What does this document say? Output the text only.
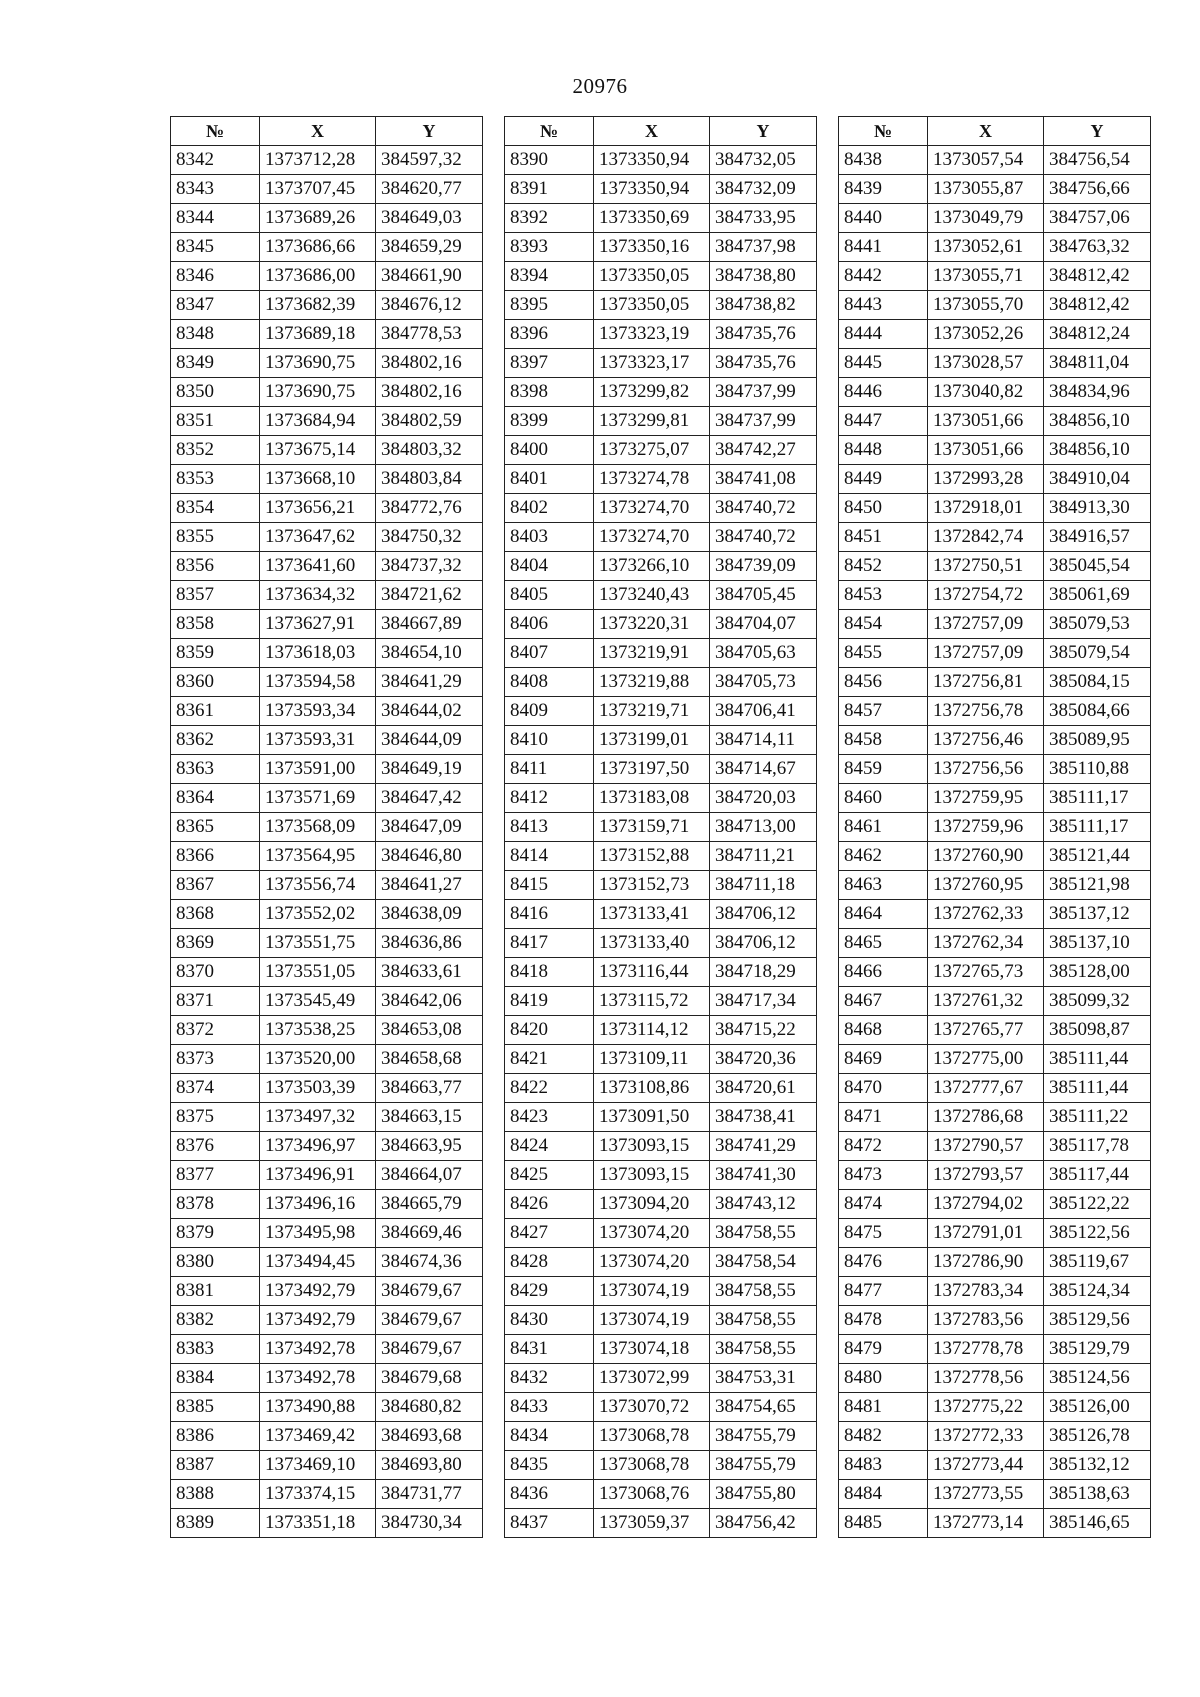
20976
№	X	Y
8342	1373712,28	384597,32
8343	1373707,45	384620,77
8344	1373689,26	384649,03
8345	1373686,66	384659,29
8346	1373686,00	384661,90
8347	1373682,39	384676,12
8348	1373689,18	384778,53
8349	1373690,75	384802,16
8350	1373690,75	384802,16
8351	1373684,94	384802,59
8352	1373675,14	384803,32
8353	1373668,10	384803,84
8354	1373656,21	384772,76
8355	1373647,62	384750,32
8356	1373641,60	384737,32
8357	1373634,32	384721,62
8358	1373627,91	384667,89
8359	1373618,03	384654,10
8360	1373594,58	384641,29
8361	1373593,34	384644,02
8362	1373593,31	384644,09
8363	1373591,00	384649,19
8364	1373571,69	384647,42
8365	1373568,09	384647,09
8366	1373564,95	384646,80
8367	1373556,74	384641,27
8368	1373552,02	384638,09
8369	1373551,75	384636,86
8370	1373551,05	384633,61
8371	1373545,49	384642,06
8372	1373538,25	384653,08
8373	1373520,00	384658,68
8374	1373503,39	384663,77
8375	1373497,32	384663,15
8376	1373496,97	384663,95
8377	1373496,91	384664,07
8378	1373496,16	384665,79
8379	1373495,98	384669,46
8380	1373494,45	384674,36
8381	1373492,79	384679,67
8382	1373492,79	384679,67
8383	1373492,78	384679,67
8384	1373492,78	384679,68
8385	1373490,88	384680,82
8386	1373469,42	384693,68
8387	1373469,10	384693,80
8388	1373374,15	384731,77
8389	1373351,18	384730,34
№	X	Y
8390	1373350,94	384732,05
8391	1373350,94	384732,09
8392	1373350,69	384733,95
8393	1373350,16	384737,98
8394	1373350,05	384738,80
8395	1373350,05	384738,82
8396	1373323,19	384735,76
8397	1373323,17	384735,76
8398	1373299,82	384737,99
8399	1373299,81	384737,99
8400	1373275,07	384742,27
8401	1373274,78	384741,08
8402	1373274,70	384740,72
8403	1373274,70	384740,72
8404	1373266,10	384739,09
8405	1373240,43	384705,45
8406	1373220,31	384704,07
8407	1373219,91	384705,63
8408	1373219,88	384705,73
8409	1373219,71	384706,41
8410	1373199,01	384714,11
8411	1373197,50	384714,67
8412	1373183,08	384720,03
8413	1373159,71	384713,00
8414	1373152,88	384711,21
8415	1373152,73	384711,18
8416	1373133,41	384706,12
8417	1373133,40	384706,12
8418	1373116,44	384718,29
8419	1373115,72	384717,34
8420	1373114,12	384715,22
8421	1373109,11	384720,36
8422	1373108,86	384720,61
8423	1373091,50	384738,41
8424	1373093,15	384741,29
8425	1373093,15	384741,30
8426	1373094,20	384743,12
8427	1373074,20	384758,55
8428	1373074,20	384758,54
8429	1373074,19	384758,55
8430	1373074,19	384758,55
8431	1373074,18	384758,55
8432	1373072,99	384753,31
8433	1373070,72	384754,65
8434	1373068,78	384755,79
8435	1373068,78	384755,79
8436	1373068,76	384755,80
8437	1373059,37	384756,42
№	X	Y
8438	1373057,54	384756,54
8439	1373055,87	384756,66
8440	1373049,79	384757,06
8441	1373052,61	384763,32
8442	1373055,71	384812,42
8443	1373055,70	384812,42
8444	1373052,26	384812,24
8445	1373028,57	384811,04
8446	1373040,82	384834,96
8447	1373051,66	384856,10
8448	1373051,66	384856,10
8449	1372993,28	384910,04
8450	1372918,01	384913,30
8451	1372842,74	384916,57
8452	1372750,51	385045,54
8453	1372754,72	385061,69
8454	1372757,09	385079,53
8455	1372757,09	385079,54
8456	1372756,81	385084,15
8457	1372756,78	385084,66
8458	1372756,46	385089,95
8459	1372756,56	385110,88
8460	1372759,95	385111,17
8461	1372759,96	385111,17
8462	1372760,90	385121,44
8463	1372760,95	385121,98
8464	1372762,33	385137,12
8465	1372762,34	385137,10
8466	1372765,73	385128,00
8467	1372761,32	385099,32
8468	1372765,77	385098,87
8469	1372775,00	385111,44
8470	1372777,67	385111,44
8471	1372786,68	385111,22
8472	1372790,57	385117,78
8473	1372793,57	385117,44
8474	1372794,02	385122,22
8475	1372791,01	385122,56
8476	1372786,90	385119,67
8477	1372783,34	385124,34
8478	1372783,56	385129,56
8479	1372778,78	385129,79
8480	1372778,56	385124,56
8481	1372775,22	385126,00
8482	1372772,33	385126,78
8483	1372773,44	385132,12
8484	1372773,55	385138,63
8485	1372773,14	385146,65
